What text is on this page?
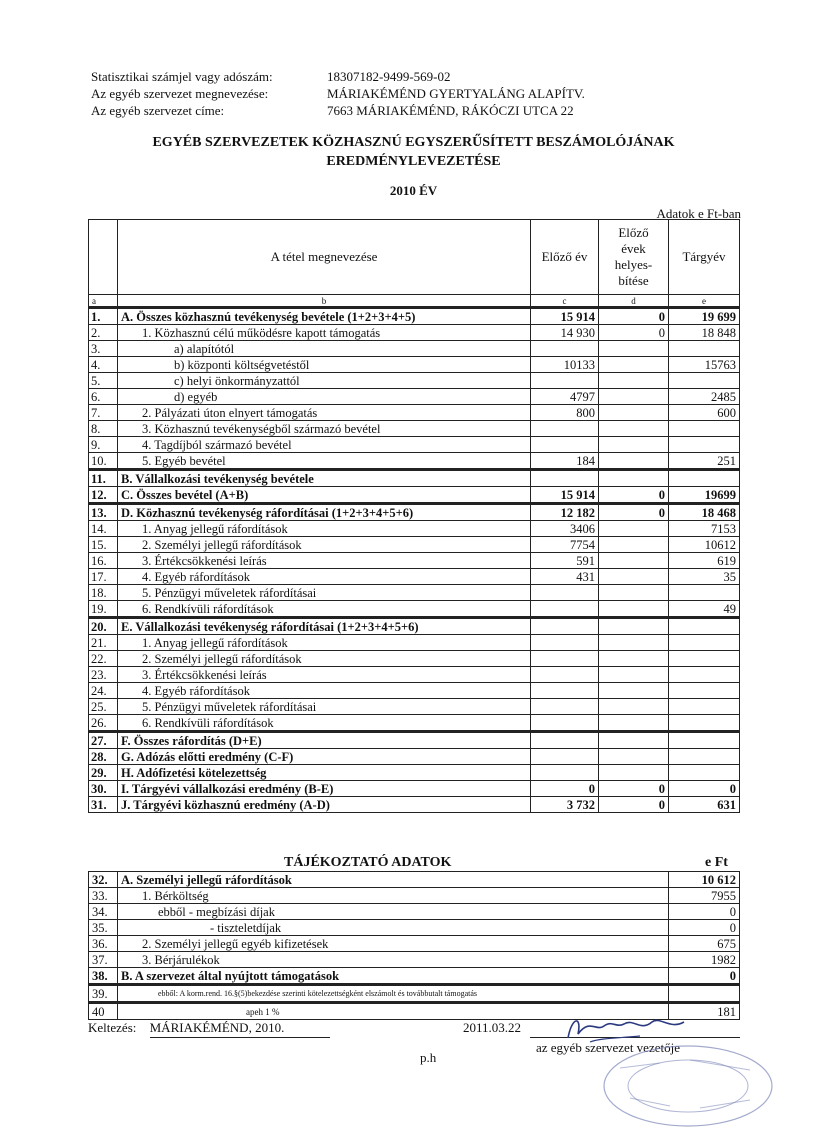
Statisztikai számjel vagy adószám:	18307182-9499-569-02
Az egyéb szervezet megnevezése:	MÁRIAKÉMÉND GYERTYALÁNG ALAPÍTV.
Az egyéb szervezet címe:	7663 MÁRIAKÉMÉND, RÁKÓCZI UTCA 22
EGYÉB SZERVEZETEK KÖZHASZNÚ EGYSZERŰSÍTETT BESZÁMOLÓJÁNAK
EREDMÉNYLEVEZETÉSE
2010 ÉV
Adatok e Ft-ban
	A tétel megnevezése	Előző év	Előző
évek
helyes-
bítése	Tárgyév
a	b	c	d	e
1.	A. Összes közhasznú tevékenység bevétele (1+2+3+4+5)	15 914	0	19 699
2.	1. Közhasznú célú működésre kapott támogatás	14 930	0	18 848
3.	a) alapítótól			
4.	b) központi költségvetéstől	10133		15763
5.	c) helyi önkormányzattól			
6.	d) egyéb	4797		2485
7.	2. Pályázati úton elnyert támogatás	800		600
8.	3. Közhasznú tevékenységből származó bevétel			
9.	4. Tagdíjból származó bevétel			
10.	5. Egyéb bevétel	184		251
11.	B. Vállalkozási tevékenység bevétele			
12.	C. Összes bevétel (A+B)	15 914	0	19699
13.	D. Közhasznú tevékenység ráfordításai (1+2+3+4+5+6)	12 182	0	18 468
14.	1. Anyag jellegű ráfordítások	3406		7153
15.	2. Személyi jellegű ráfordítások	7754		10612
16.	3. Értékcsökkenési leírás	591		619
17.	4. Egyéb ráfordítások	431		35
18.	5. Pénzügyi műveletek ráfordításai			
19.	6. Rendkívüli ráfordítások			49
20.	E. Vállalkozási tevékenység ráfordításai (1+2+3+4+5+6)			
21.	1. Anyag jellegű ráfordítások			
22.	2. Személyi jellegű ráfordítások			
23.	3. Értékcsökkenési leírás			
24.	4. Egyéb ráfordítások			
25.	5. Pénzügyi műveletek ráfordításai			
26.	6. Rendkívüli ráfordítások			
27.	F. Összes ráfordítás (D+E)			
28.	G. Adózás előtti eredmény (C-F)			
29.	H. Adófizetési kötelezettség			
30.	I. Tárgyévi vállalkozási eredmény (B-E)	0	0	0
31.	J. Tárgyévi közhasznú eredmény (A-D)	3 732	0	631
TÁJÉKOZTATÓ ADATOK	e Ft
32.	A. Személyi jellegű ráfordítások	10 612
33.	1. Bérköltség	7955
34.	ebből - megbízási díjak	0
35.	- tiszteletdíjak	0
36.	2. Személyi jellegű egyéb kifizetések	675
37.	3. Bérjárulékok	1982
38.	B. A szervezet által nyújtott támogatások	0
39.	ebből: A korm.rend. 16.§(5)bekezdése szerinti kötelezettségként elszámolt és továbbutalt támogatás	
40	apeh 1 %	181
Keltezés: MÁRIAKÉMÉND, 2010.	2011.03.22
p.h
az egyéb szervezet vezetője
